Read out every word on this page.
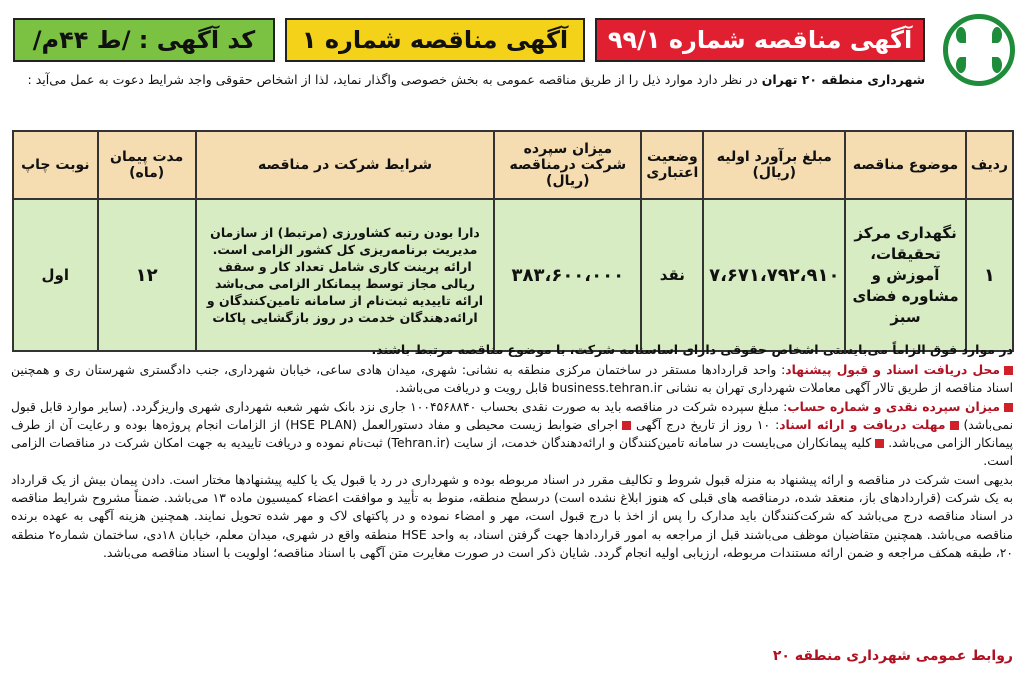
آگهی مناقصه شماره ۹۹/۱
آگهی مناقصه شماره ۱
کد آگهی : /ط ۴۴م/
شهرداری منطقه ۲۰ تهران در نظر دارد موارد ذیل را از طریق مناقصه عمومی به بخش خصوصی واگذار نماید، لذا از اشخاص حقوقی واجد شرایط دعوت به عمل می‌آید :
ردیف	موضوع مناقصه	مبلغ برآورد اولیه (ریال)	وضعیت اعتباری	میزان سپرده شرکت درمناقصه (ریال)	شرایط شرکت در مناقصه	مدت پیمان (ماه)	نوبت چاپ
۱	نگهداری مرکز تحقیقات، آموزش و مشاوره فضای سبز	۷،۶۷۱،۷۹۲،۹۱۰	نقد	۳۸۳،۶۰۰،۰۰۰	دارا بودن رتبه کشاورزی (مرتبط) از سازمان مدیریت برنامه‌ریزی کل کشور الزامی است. ارائه پرینت کاری شامل تعداد کار و سقف ریالی مجاز توسط پیمانکار الزامی می‌باشد ارائه تاییدیه ثبت‌نام از سامانه تامین‌کنندگان و ارائه‌دهندگان خدمت در روز بازگشایی پاکات	۱۲	اول
در موارد فوق الزاماً می‌بایستی اشخاص حقوقی دارای اساسنامه شرکت، با موضوع مناقصه مرتبط باشند.

محل دریافت اسناد و قبول پیشنهاد: واحد قراردادها مستقر در ساختمان مرکزی منطقه به نشانی: شهری، میدان هادی ساعی، خیابان شهرداری، جنب دادگستری شهرستان ری و همچنین اسناد مناقصه از طریق تالار آگهی معاملات شهرداری تهران به نشانی business.tehran.ir قابل رویت و دریافت می‌باشد.

میزان سپرده نقدی و شماره حساب: مبلغ سپرده شرکت در مناقصه باید به صورت نقدی بحساب ۱۰۰۴۵۶۸۸۴۰ جاری نزد بانک شهر شعبه شهرداری شهری واریزگردد. (سایر موارد قابل قبول نمی‌باشد) مهلت دریافت و ارائه اسناد: ۱۰ روز از تاریخ درج آگهی اجرای ضوابط زیست محیطی و مفاد دستورالعمل (HSE PLAN) از الزامات انجام پروژه‌ها بوده و رعایت آن از طرف پیمانکار الزامی می‌باشد. کلیه پیمانکاران می‌بایست در سامانه تامین‌کنندگان و ارائه‌دهندگان خدمت، از سایت (Tehran.ir) ثبت‌نام نموده و دریافت تاییدیه به جهت امکان شرکت در مناقصات الزامی است.

بدیهی است شرکت در مناقصه و ارائه پیشنهاد به منزله قبول شروط و تکالیف مقرر در اسناد مربوطه بوده و شهرداری در رد یا قبول یک یا کلیه پیشنهادها مختار است. دادن پیمان بیش از یک قرارداد به یک شرکت (قراردادهای باز، منعقد شده، درمناقصه های قبلی که هنوز ابلاغ نشده است) درسطح منطقه، منوط به تأیید و موافقت اعضاء کمیسیون ماده ۱۳ می‌باشد. ضمناً مشروح شرایط مناقصه در اسناد مناقصه درج می‌باشد که شرکت‌کنندگان باید مدارک را پس از اخذ با درج قبول است، مهر و امضاء نموده و در پاکتهای لاک و مهر شده تحویل نمایند. همچنین هزینه آگهی به عهده برنده مناقصه می‌باشد. همچنین متقاضیان موظف می‌باشند قبل از مراجعه به امور قراردادها جهت گرفتن اسناد، به واحد HSE منطقه واقع در شهری، میدان معلم، خیابان ۱۸دی، ساختمان شماره۲ منطقه ۲۰، طبقه همکف مراجعه و ضمن ارائه مستندات مربوطه، ارزیابی اولیه انجام گردد. شایان ذکر است در صورت مغایرت متن آگهی با اسناد مناقصه؛ اولویت با اسناد مناقصه می‌باشد.

روابط عمومی شهرداری منطقه ۲۰
